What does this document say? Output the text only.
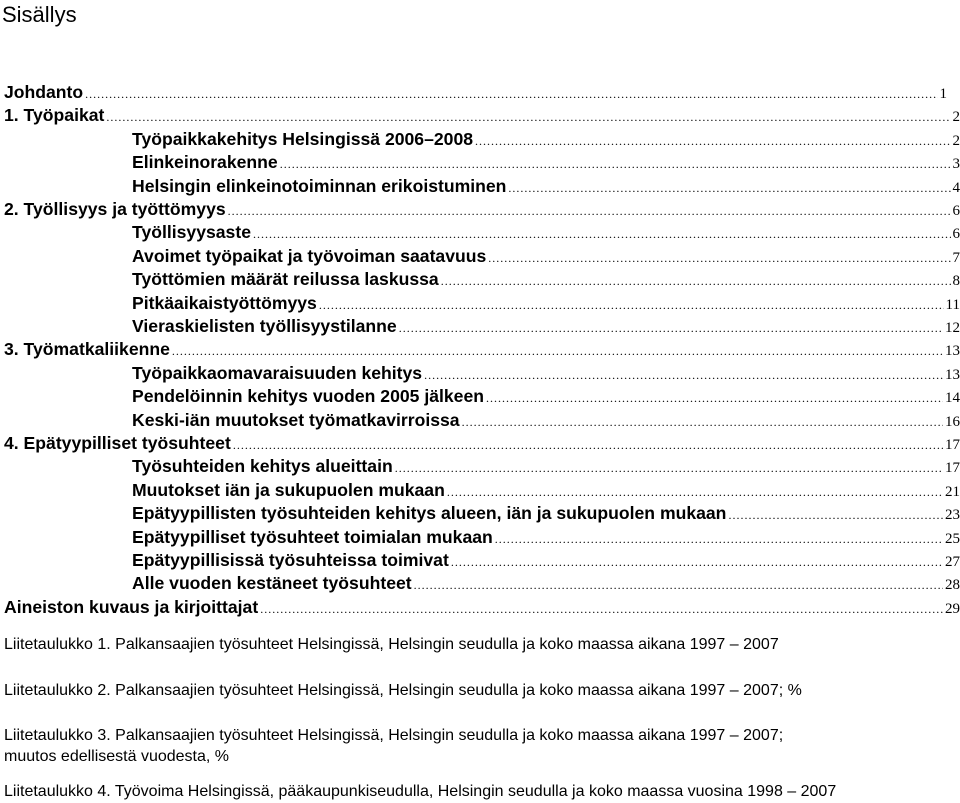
Sisällys
Johdanto .....	1
1. Työpaikat .....	2
Työpaikkakehitys Helsingissä 2006–2008 .....	2
Elinkeinorakenne .....	3
Helsingin elinkeinotoiminnan erikoistuminen .....	4
2. Työllisyys ja työttömyys .....	6
Työllisyysaste .....	6
Avoimet työpaikat ja työvoiman saatavuus .....	7
Työttömien määrät reilussa laskussa .....	8
Pitkäaikaistyöttömyys .....	11
Vieraskielisten työllisyystilanne .....	12
3. Työmatkaliikenne .....	13
Työpaikkaomavaraisuuden kehitys .....	13
Pendelöinnin kehitys vuoden 2005 jälkeen .....	14
Keski-iän muutokset työmatkavirroissa .....	16
4. Epätyypilliset työsuhteet .....	17
Työsuhteiden kehitys alueittain .....	17
Muutokset iän ja sukupuolen mukaan .....	21
Epätyypillisten työsuhteiden kehitys alueen, iän ja sukupuolen mukaan .....	23
Epätyypilliset työsuhteet toimialan mukaan .....	25
Epätyypillisissä työsuhteissa toimivat .....	27
Alle vuoden kestäneet työsuhteet .....	28
Aineiston kuvaus ja kirjoittajat .....	29
Liitetaulukko 1. Palkansaajien työsuhteet Helsingissä, Helsingin seudulla ja koko maassa aikana 1997 – 2007
Liitetaulukko 2. Palkansaajien työsuhteet Helsingissä, Helsingin seudulla ja koko maassa aikana 1997 – 2007; %
Liitetaulukko 3. Palkansaajien työsuhteet Helsingissä, Helsingin seudulla ja koko maassa aikana 1997 – 2007;
muutos edellisestä vuodesta, %
Liitetaulukko 4. Työvoima Helsingissä, pääkaupunkiseudulla, Helsingin seudulla ja koko maassa vuosina 1998 – 2007
